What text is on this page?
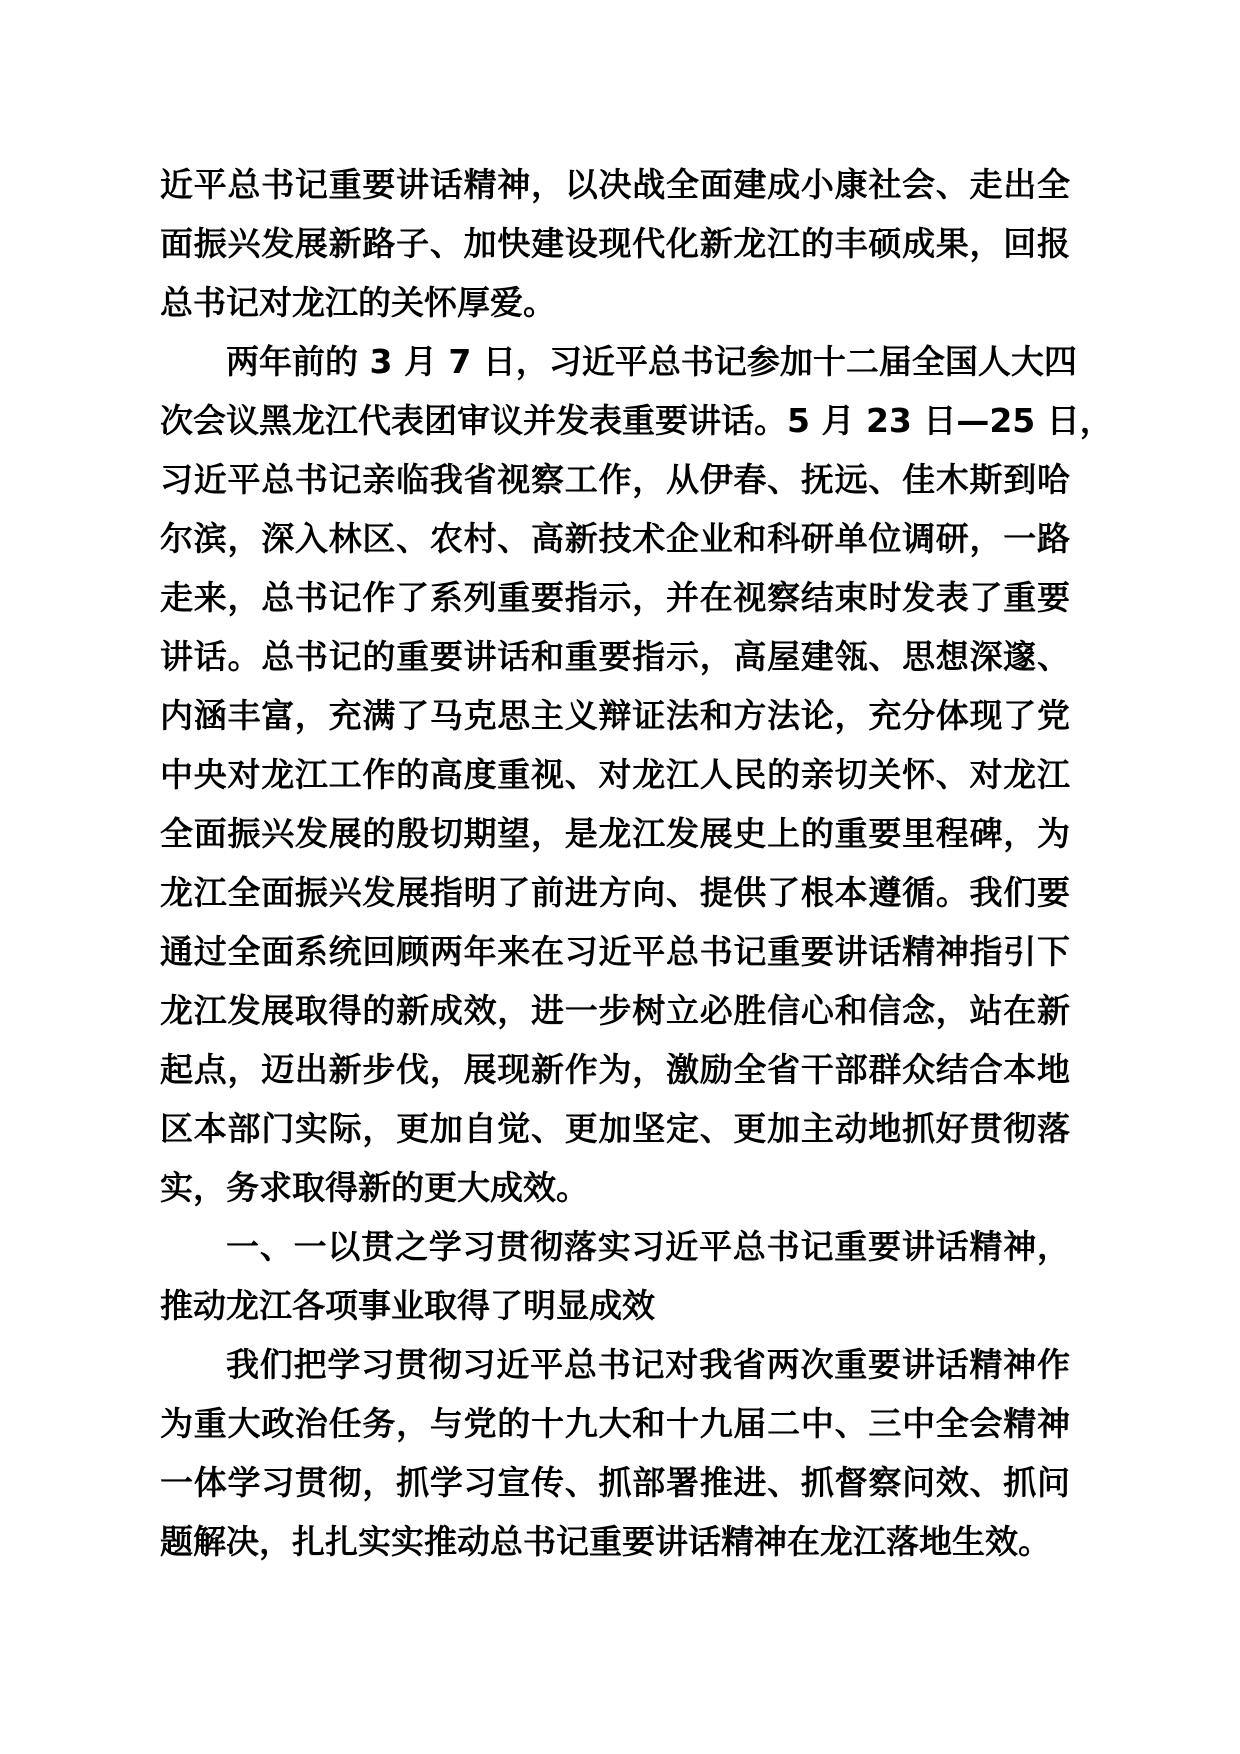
近平总书记重要讲话精神，以决战全面建成小康社会、走出全
面振兴发展新路子、加快建设现代化新龙江的丰硕成果，回报
总书记对龙江的关怀厚爱。
两年前的 3 月 7 日，习近平总书记参加十二届全国人大四
次会议黑龙江代表团审议并发表重要讲话。5 月 23 日—25 日，
习近平总书记亲临我省视察工作，从伊春、抚远、佳木斯到哈
尔滨，深入林区、农村、高新技术企业和科研单位调研，一路
走来，总书记作了系列重要指示，并在视察结束时发表了重要
讲话。总书记的重要讲话和重要指示，高屋建瓴、思想深邃、
内涵丰富，充满了马克思主义辩证法和方法论，充分体现了党
中央对龙江工作的高度重视、对龙江人民的亲切关怀、对龙江
全面振兴发展的殷切期望，是龙江发展史上的重要里程碑，为
龙江全面振兴发展指明了前进方向、提供了根本遵循。我们要
通过全面系统回顾两年来在习近平总书记重要讲话精神指引下
龙江发展取得的新成效，进一步树立必胜信心和信念，站在新
起点，迈出新步伐，展现新作为，激励全省干部群众结合本地
区本部门实际，更加自觉、更加坚定、更加主动地抓好贯彻落
实，务求取得新的更大成效。
一、一以贯之学习贯彻落实习近平总书记重要讲话精神，
推动龙江各项事业取得了明显成效
我们把学习贯彻习近平总书记对我省两次重要讲话精神作
为重大政治任务，与党的十九大和十九届二中、三中全会精神
一体学习贯彻，抓学习宣传、抓部署推进、抓督察问效、抓问
题解决，扎扎实实推动总书记重要讲话精神在龙江落地生效。
